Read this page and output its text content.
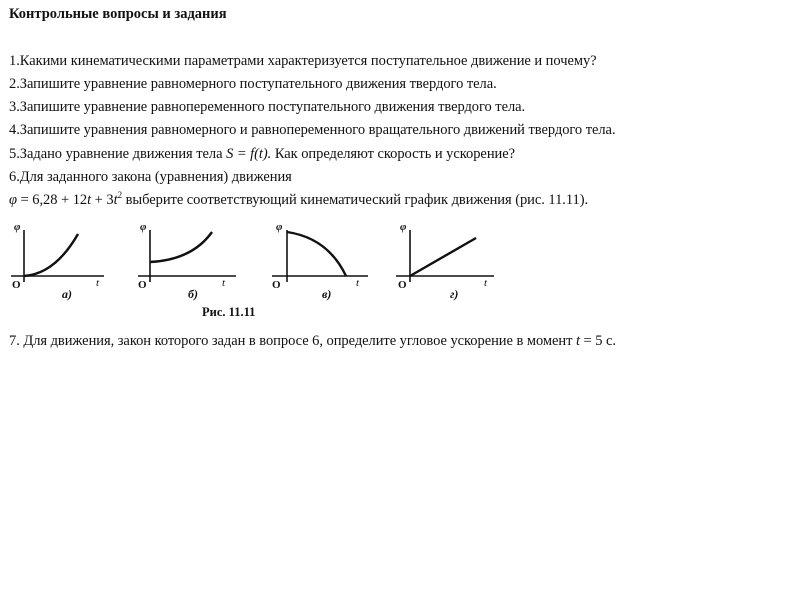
Контрольные вопросы и задания
1.Какими кинематическими параметрами характеризуется поступательное движение и почему?
2.Запишите уравнение равномерного поступательного движения твердого тела.
3.Запишите уравнение равнопеременного поступательного движения твердого тела.
4.Запишите уравнения равномерного и равнопеременного вращательного движений твердого тела.
5.Задано уравнение движения тела S = f(t). Как определяют скорость и ускорение?
6.Для заданного закона (уравнения) движения
$\varphi = 6,28 + 12t + 3t^2$ выберите соответствующий кинематический график движения (рис. 11.11).
φ
O	t
а)
φ
O	t
б)
φ
O	t
в)
φ
O	t
г)
Рис. 11.11
7. Для движения, закон которого задан в вопросе 6, определите угловое ускорение в момент t = 5 с.
